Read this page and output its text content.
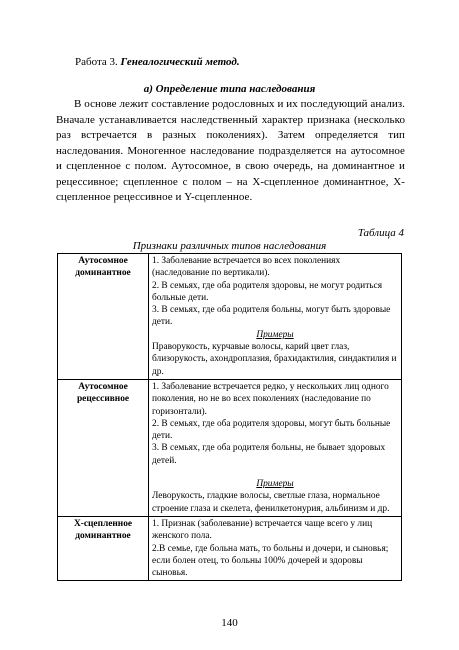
Работа 3. Генеалогический метод.
а) Определение типа наследования

В основе лежит составление родословных и их последующий анализ. Вначале устанавливается наследственный характер признака (несколько раз встречается в разных поколениях). Затем определяется тип наследования. Моногенное наследование подразделяется на аутосомное и сцепленное с полом. Аутосомное, в свою очередь, на доминантное и рецессивное; сцепленное с полом – на X-сцепленное доминантное, X-сцепленное рецессивное и Y-сцепленное.

Таблица 4
Признаки различных типов наследования
Аутосомное доминантное	1. Заболевание встречается во всех поколениях (наследование по вертикали).
2. В семьях, где оба родителя здоровы, не могут родиться больные дети.
3. В семьях, где оба родителя больны, могут быть здоровые дети.
Примеры
Праворукость, курчавые волосы, карий цвет глаз, близорукость, ахондроплазия, брахидактилия, синдактилия и др.

Аутосомное рецессивное	1. Заболевание встречается редко, у нескольких лиц одного поколения, но не во всех поколениях (наследование по горизонтали).
2. В семьях, где оба родителя здоровы, могут быть больные дети.
3. В семьях, где оба родителя больны, не бывает здоровых детей.
Примеры
Леворукость, гладкие волосы, светлые глаза, нормальное строение глаза и скелета, фенилкетонурия, альбинизм и др.

X-сцепленное доминантное	1. Признак (заболевание) встречается чаще всего у лиц женского пола.
2.В семье, где больна мать, то больны и дочери, и сыновья; если болен отец, то больны 100% дочерей и здоровы сыновья.
140
